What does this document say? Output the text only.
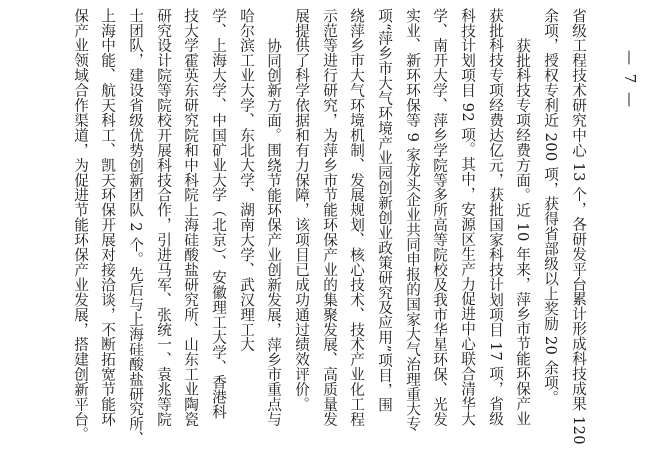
— 7 —
省级工程技术研究中心 13 个，各研发平台累计形成科技成果 120
余项，授权专利近 200 项，获得省部级以上奖励 20 余项。
获批科技专项经费方面。近 10 年来，萍乡市节能环保产业
获批科技专项经费达亿元，获批国家科技计划项目 17 项，省级
科技计划项目 92 项。其中，安源区生产力促进中心联合清华大
学、南开大学、萍乡学院等多所高等院校及我市华星环保、光发
实业、新环环保等 9 家龙头企业共同申报的国家大气治理重大专
项“萍乡市大气环境产业园创新创业政策研究及应用”项目，围
绕萍乡市大气环境机制、发展规划、核心技术、技术产业化工程
示范等进行研究，为萍乡市节能环保产业的集聚发展、高质量发
展提供了科学依据和有力保障，该项目已成功通过绩效评价。
协同创新方面。围绕节能环保产业创新发展，萍乡市重点与
哈尔滨工业大学、东北大学、湖南大学、武汉理工大
学、上海大学、中国矿业大学（北京）、安徽理工大学、香港科
技大学霍英东研究院和中科院上海硅酸盐研究所、山东工业陶瓷
研究设计院等院校开展科技合作，引进马军、张统一、袁兆等院
士团队，建设省级优势创新团队 2 个。先后与上海硅酸盐研究所、
上海中能、航天科工、凯天环保开展对接洽谈，不断拓宽节能环
保产业领域合作渠道，为促进节能环保产业发展，搭建创新平台。
